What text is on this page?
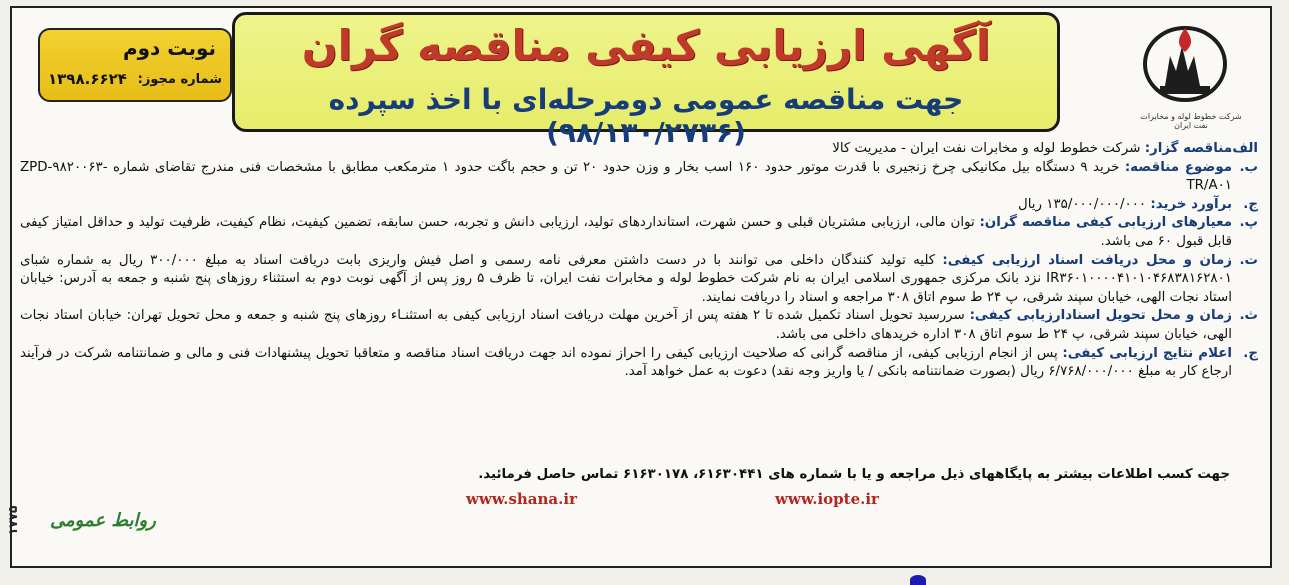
شرکت خطوط لوله و مخابرات نفت ایران
نوبت دوم
شماره مجوز:
۱۳۹۸.۶۶۲۴
آگهی ارزیابی کیفی مناقصه گران
جهت مناقصه عمومی دومرحله‌ای با اخذ سپرده (۹۸/۱۳۰/۲۷۳۶)	الف.
مناقصه گزار: شرکت خطوط لوله و مخابرات نفت ایران - مدیریت کالا

ب.
موضوع مناقصه: خرید ۹ دستگاه بیل مکانیکی چرخ زنجیری با قدرت موتور حدود ۱۶۰ اسب بخار و وزن حدود ۲۰ تن و حجم باگت حدود ۱ مترمکعب مطابق با مشخصات فنی مندرج تقاضای شماره ZPD-۹۸۲۰۰۶۳-TR/A۰۱

ج.
برآورد خرید: ۱۳۵/۰۰۰/۰۰۰/۰۰۰ ریال

پ.
معیارهای ارزیابی کیفی مناقصه گران: توان مالی، ارزیابی مشتریان قبلی و حسن شهرت، استانداردهای تولید، ارزیابی دانش و تجربه، حسن سابقه، تضمین کیفیت، نظام کیفیت، ظرفیت تولید و حداقل امتیاز کیفی قابل قبول ۶۰ می باشد.

ت.
زمان و محل دریافت اسناد ارزیابی کیفی: کلیه تولید کنندگان داخلی می توانند با در دست داشتن معرفی نامه رسمی و اصل فیش واریزی بابت دریافت اسناد به مبلغ ۳۰۰/۰۰۰ ریال به شماره شبای IR۳۶۰۱۰۰۰۰۴۱۰۱۰۴۶۸۳۸۱۶۲۸۰۱ نزد بانک مرکزی جمهوری اسلامی ایران به نام شرکت خطوط لوله و مخابرات نفت ایران، تا ظرف ۵ روز پس از آگهی نوبت دوم به استثناء روزهای پنج شنبه و جمعه به آدرس: خیابان استاد نجات الهی، خیابان سپند شرقی، پ ۲۴ ط سوم اتاق ۳۰۸ مراجعه و اسناد را دریافت نمایند.

ث.
زمان و محل تحویل اسنادارزیابی کیفی: سررسید تحویل اسناد تکمیل شده تا ۲ هفته پس از آخرین مهلت دریافت اسناد ارزیابی کیفی به استثنـاء روزهای پنج شنبه و جمعه و محل تحویل تهران: خیابان استاد نجات الهی، خیابان سپند شرقی، پ ۲۴ ط سوم اتاق ۳۰۸ اداره خریدهای داخلی می باشد.

ج.
اعلام نتایج ارزیابی کیفی: پس از انجام ارزیابی کیفی، از مناقصه گرانی که صلاحیت ارزیابی کیفی را احراز نموده اند جهت دریافت اسناد مناقصه و متعاقبا تحویل پیشنهادات فنی و مالی و ضمانتنامه شرکت در فرآیند ارجاع کار به مبلغ ۶/۷۶۸/۰۰۰/۰۰۰ ریال (بصورت ضمانتنامه بانکی / یا واریز وجه نقد) دعوت به عمل خواهد آمد.

جهت کسب اطلاعات بیشتر به پایگاههای ذیل مراجعه و یا با شماره های ۶۱۶۳۰۴۴۱، ۶۱۶۳۰۱۷۸ تماس حاصل فرمائید.
www.iopte.ir
www.shana.ir
روابط عمومی
۱۷۷۵
